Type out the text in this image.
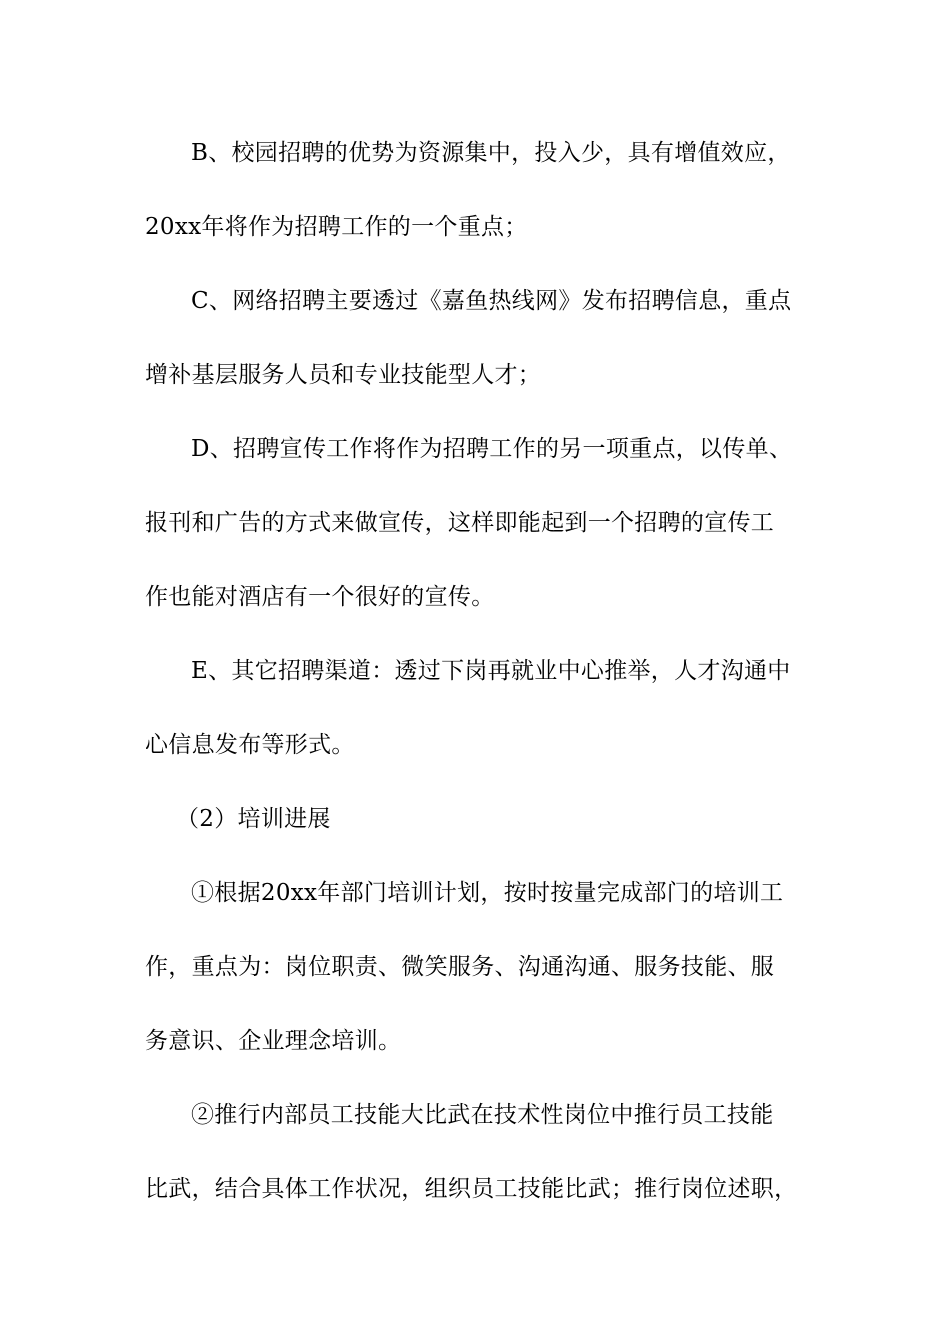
B、校园招聘的优势为资源集中，投入少，具有增值效应，
20xx年将作为招聘工作的一个重点；
C、网络招聘主要透过《嘉鱼热线网》发布招聘信息，重点
增补基层服务人员和专业技能型人才；
D、招聘宣传工作将作为招聘工作的另一项重点，以传单、
报刊和广告的方式来做宣传，这样即能起到一个招聘的宣传工
作也能对酒店有一个很好的宣传。
E、其它招聘渠道：透过下岗再就业中心推举，人才沟通中
心信息发布等形式。
（2）培训进展
①根据20xx年部门培训计划，按时按量完成部门的培训工
作，重点为：岗位职责、微笑服务、沟通沟通、服务技能、服
务意识、企业理念培训。
②推行内部员工技能大比武在技术性岗位中推行员工技能
比武，结合具体工作状况，组织员工技能比武；推行岗位述职，
